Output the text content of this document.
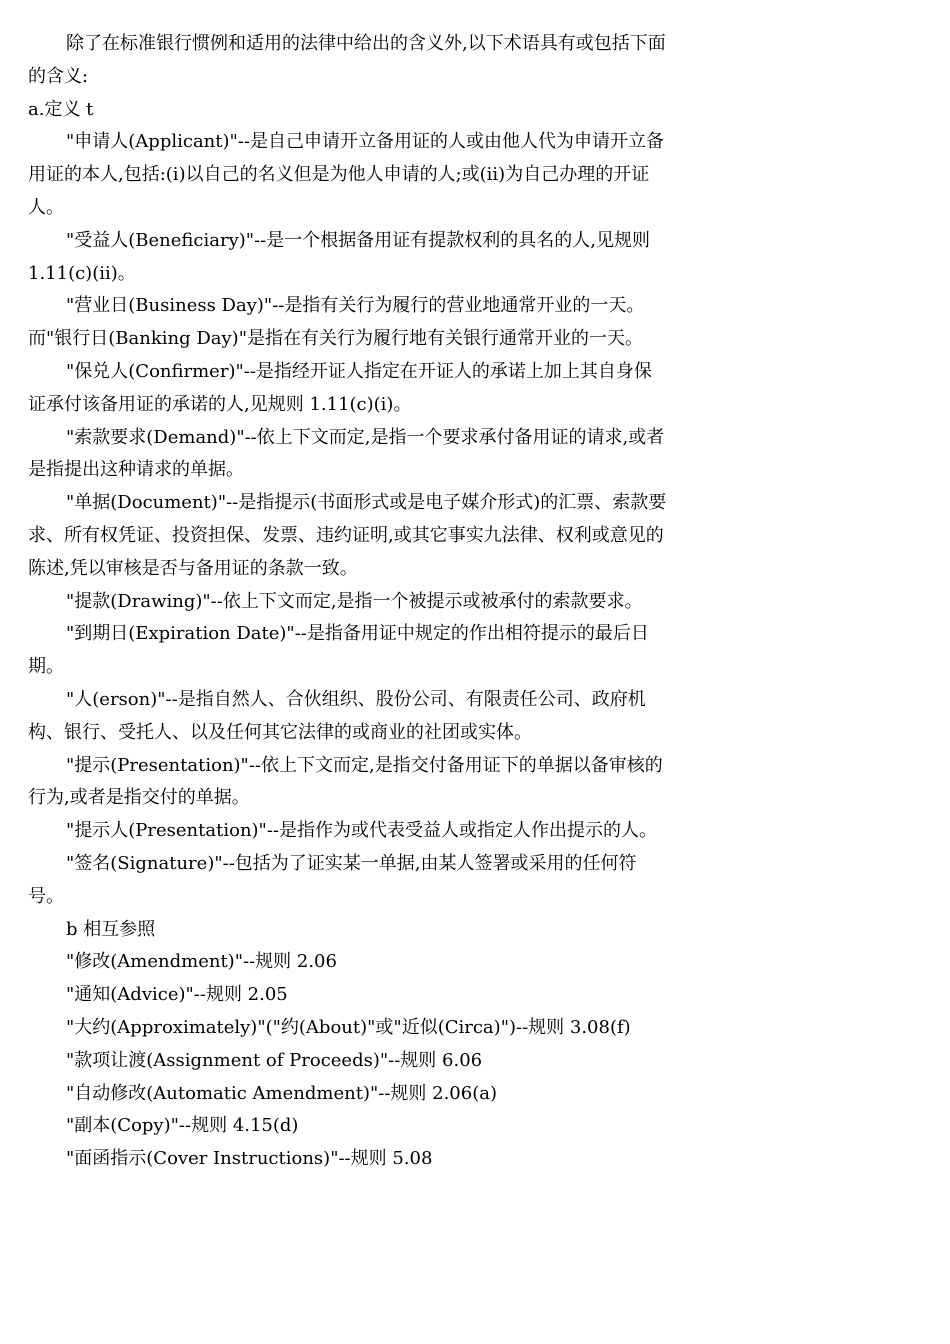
除了在标准银行惯例和适用的法律中给出的含义外,以下术语具有或包括下面的含义:

a.定义 t

"申请人(Applicant)"--是自己申请开立备用证的人或由他人代为申请开立备用证的本人,包括:(i)以自己的名义但是为他人申请的人;或(ii)为自己办理的开证人。

"受益人(Beneficiary)"--是一个根据备用证有提款权利的具名的人,见规则 1.11(c)(ii)。

"营业日(Business Day)"--是指有关行为履行的营业地通常开业的一天。而"银行日(Banking Day)"是指在有关行为履行地有关银行通常开业的一天。

"保兑人(Confirmer)"--是指经开证人指定在开证人的承诺上加上其自身保证承付该备用证的承诺的人,见规则 1.11(c)(i)。

"索款要求(Demand)"--依上下文而定,是指一个要求承付备用证的请求,或者是指提出这种请求的单据。

"单据(Document)"--是指提示(书面形式或是电子媒介形式)的汇票、索款要求、所有权凭证、投资担保、发票、违约证明,或其它事实九法律、权利或意见的陈述,凭以审核是否与备用证的条款一致。

"提款(Drawing)"--依上下文而定,是指一个被提示或被承付的索款要求。

"到期日(Expiration Date)"--是指备用证中规定的作出相符提示的最后日期。

"人(erson)"--是指自然人、合伙组织、股份公司、有限责任公司、政府机构、银行、受托人、以及任何其它法律的或商业的社团或实体。

"提示(Presentation)"--依上下文而定,是指交付备用证下的单据以备审核的行为,或者是指交付的单据。

"提示人(Presentation)"--是指作为或代表受益人或指定人作出提示的人。

"签名(Signature)"--包括为了证实某一单据,由某人签署或采用的任何符号。

b 相互参照

"修改(Amendment)"--规则 2.06

"通知(Advice)"--规则 2.05

"大约(Approximately)"("约(About)"或"近似(Circa)")--规则 3.08(f)

"款项让渡(Assignment of Proceeds)"--规则 6.06

"自动修改(Automatic Amendment)"--规则 2.06(a)

"副本(Copy)"--规则 4.15(d)

"面函指示(Cover Instructions)"--规则 5.08
